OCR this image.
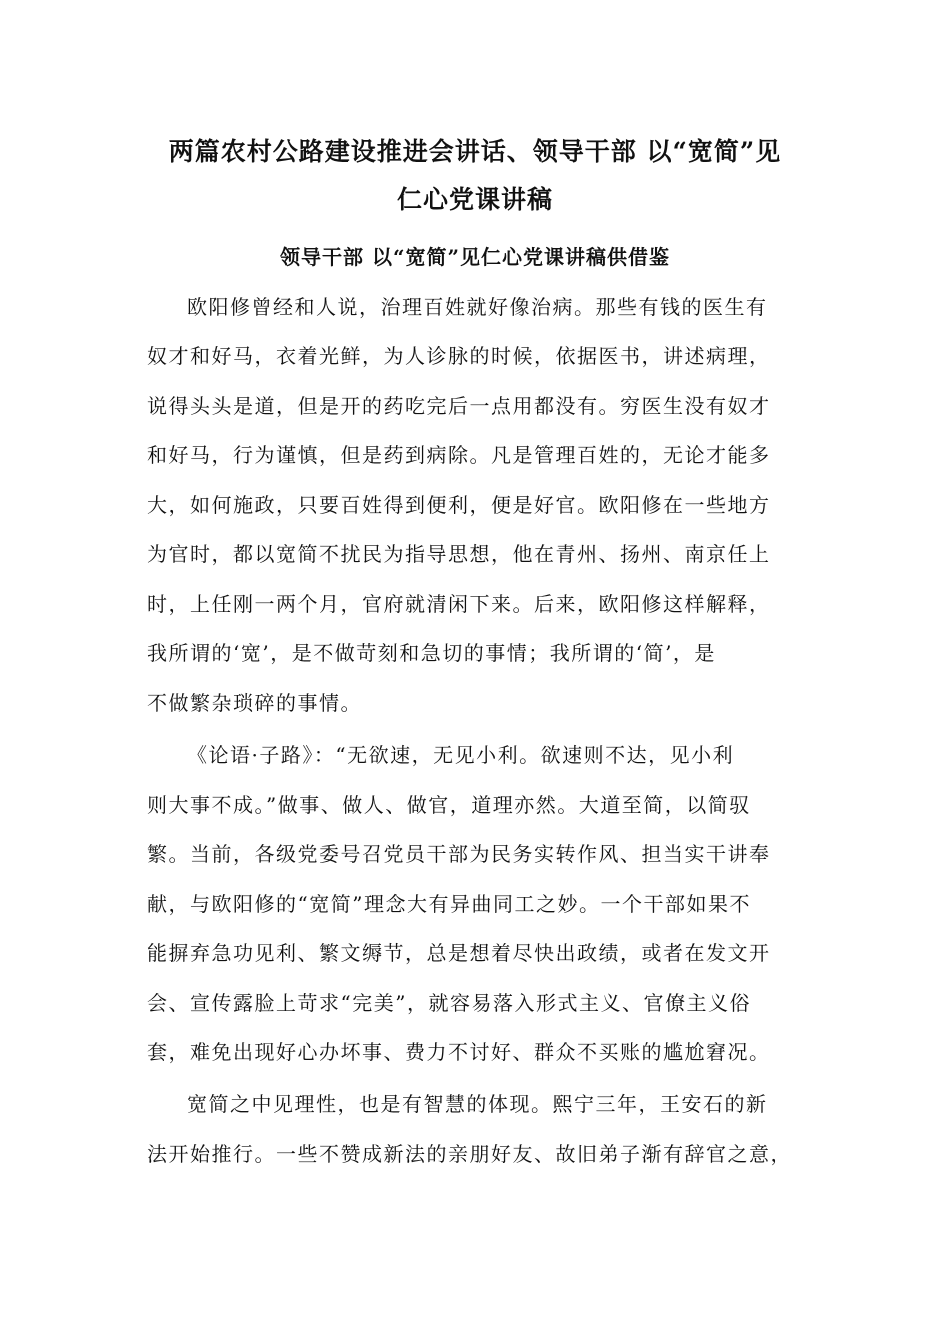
两篇农村公路建设推进会讲话、领导干部 以“宽简”见
仁心党课讲稿
领导干部 以“宽简”见仁心党课讲稿供借鉴

欧阳修曾经和人说，治理百姓就好像治病。那些有钱的医生有

奴才和好马，衣着光鲜，为人诊脉的时候，依据医书，讲述病理，

说得头头是道，但是开的药吃完后一点用都没有。穷医生没有奴才

和好马，行为谨慎，但是药到病除。凡是管理百姓的，无论才能多

大，如何施政，只要百姓得到便利，便是好官。欧阳修在一些地方

为官时，都以宽简不扰民为指导思想，他在青州、扬州、南京任上

时，上任刚一两个月，官府就清闲下来。后来，欧阳修这样解释，

我所谓的‘宽’，是不做苛刻和急切的事情；我所谓的‘简’，是

不做繁杂琐碎的事情。

《论语·子路》：“无欲速，无见小利。欲速则不达，见小利

则大事不成。”做事、做人、做官，道理亦然。大道至简，以简驭

繁。当前，各级党委号召党员干部为民务实转作风、担当实干讲奉

献，与欧阳修的“宽简”理念大有异曲同工之妙。一个干部如果不

能摒弃急功见利、繁文缛节，总是想着尽快出政绩，或者在发文开

会、宣传露脸上苛求“完美”，就容易落入形式主义、官僚主义俗

套，难免出现好心办坏事、费力不讨好、群众不买账的尴尬窘况。

宽简之中见理性，也是有智慧的体现。熙宁三年，王安石的新

法开始推行。一些不赞成新法的亲朋好友、故旧弟子渐有辞官之意，
